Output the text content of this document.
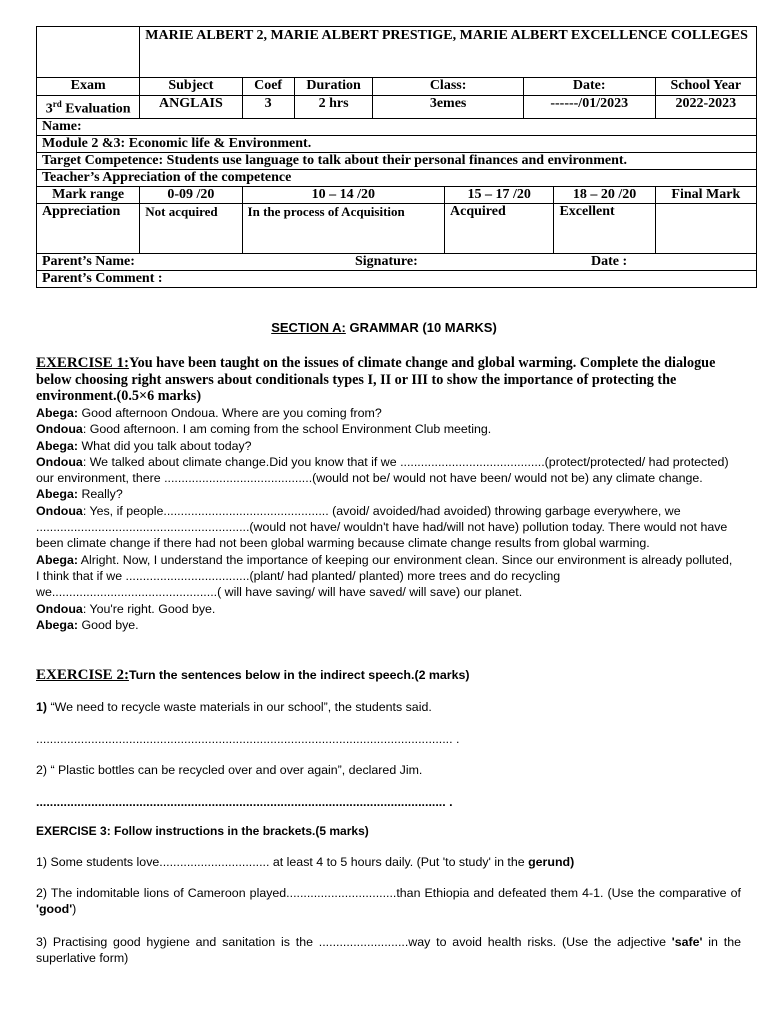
	MARIE ALBERT 2, MARIE ALBERT PRESTIGE, MARIE ALBERT EXCELLENCE COLLEGES							
Exam	Subject	Coef	Duration	Class:		Date:		School Year
3rd Evaluation	ANGLAIS	3	2 hrs	3emes		------/01/2023		2022-2023
Name:								
Module 2 &3: Economic life & Environment.								
Target Competence: Students use language to talk about their personal finances and environment.								
Teacher’s Appreciation of the competence								
Mark range	0-09 /20	10 – 14 /20			15 – 17 /20		18 – 20 /20	Final Mark
Appreciation	Not acquired	In the process of Acquisition			Acquired		Excellent	
Parent’s Name: Signature: Date :								

Parent’s Comment :								
SECTION A: GRAMMAR (10 MARKS)
EXERCISE 1:You have been taught on the issues of climate change and global warming. Complete the dialogue below choosing right answers about conditionals types I, II or III to show the importance of protecting the environment.(0.5×6 marks)

Abega: Good afternoon Ondoua. Where are you coming from?

Ondoua: Good afternoon. I am coming from the school Environment Club meeting.

Abega: What did you talk about today?

Ondoua: We talked about climate change.Did you know that if we ..........................................(protect/protected/ had protected) our environment, there ...........................................(would not be/ would not have been/ would not be) any climate change.

Abega: Really?

Ondoua: Yes, if people................................................ (avoid/ avoided/had avoided) throwing garbage everywhere, we ..............................................................(would not have/ wouldn't have had/will not have) pollution today. There would not have been climate change if there had not been global warming because climate change results from global warming.

Abega: Alright. Now, I understand the importance of keeping our environment clean. Since our environment is already polluted, I think that if we ....................................(plant/ had planted/ planted) more trees and do recycling we................................................( will have saving/ will have saved/ will save) our planet.

Ondoua: You're right. Good bye.

Abega: Good bye.

EXERCISE 2:Turn the sentences below in the indirect speech.(2 marks)
1) “We need to recycle waste materials in our school”, the students said.
......................................................................................................................... .
2) “ Plastic bottles can be recycled over and over again”, declared Jim.
....................................................................................................................... .
EXERCISE 3: Follow instructions in the brackets.(5 marks)
1) Some students love................................ at least 4 to 5 hours daily. (Put 'to study' in the gerund)
2) The indomitable lions of Cameroon played................................than Ethiopia and defeated them 4-1. (Use the comparative of 'good')
3) Practising good hygiene and sanitation is the ..........................way to avoid health risks. (Use the adjective 'safe' in the superlative form)
